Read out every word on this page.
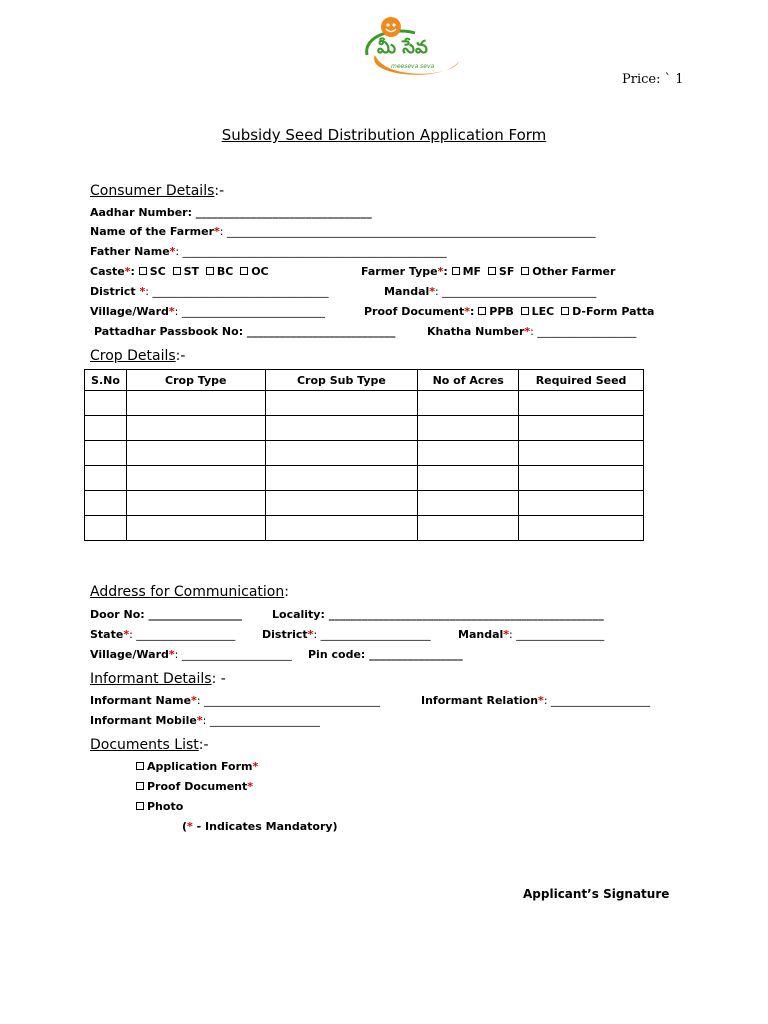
మీ సేవ
meeseva seva
Price: ` 1
Subsidy Seed Distribution Application Form
Consumer Details:-
Aadhar Number: ________________________________
Name of the Farmer*: ___________________________________________________________________
Father Name*: ________________________________________________
Caste*: SC ST BC OC	Farmer Type*: MF SF Other Farmer
District *: ________________________________	Mandal*: ____________________________
Village/Ward*: __________________________	Proof Document*: PPB LEC D-Form Patta
Pattadhar Passbook No: ___________________________	Khatha Number*: __________________
Crop Details:-
S.No	Crop Type	Crop Sub Type	No of Acres	Required Seed

Address for Communication:
Door No: _________________	Locality: __________________________________________________
State*: __________________ District*: ____________________ Mandal*: ________________
Village/Ward*: ____________________ Pin code: _________________
Informant Details: -
Informant Name*: ________________________________	Informant Relation*: __________________
Informant Mobile*: ____________________
Documents List:-
Application Form*
Proof Document*
Photo
(* - Indicates Mandatory)
Applicant’s Signature
